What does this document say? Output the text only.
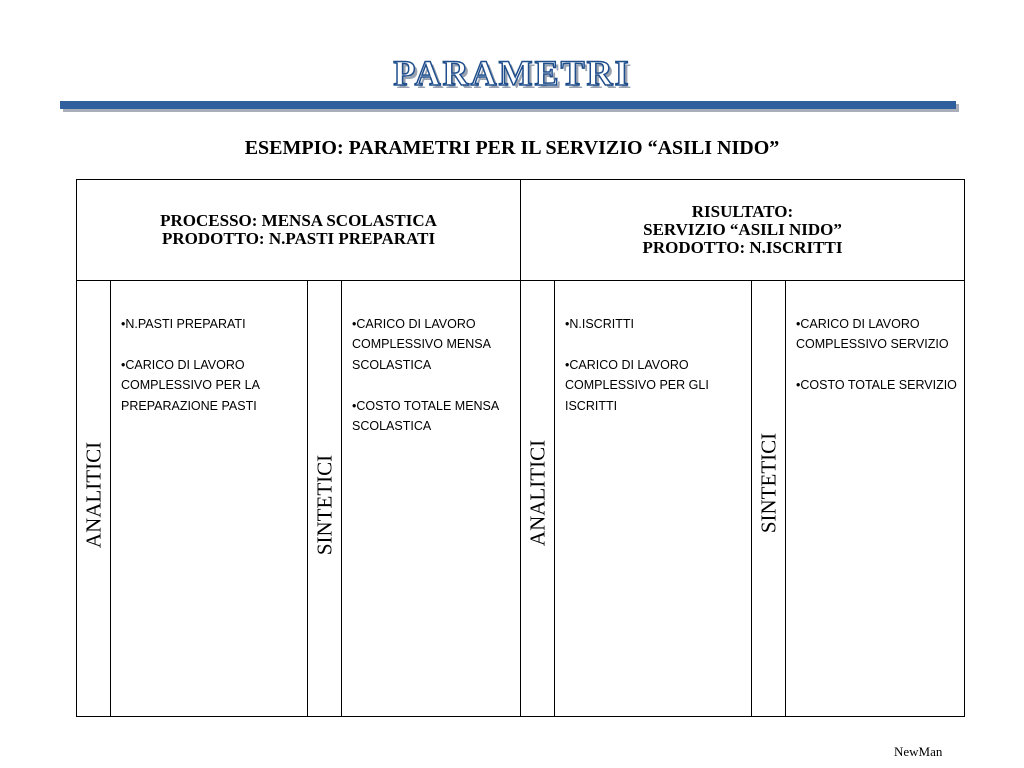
PARAMETRI
ESEMPIO: PARAMETRI PER IL SERVIZIO “ASILI NIDO”
PROCESSO: MENSA SCOLASTICA
PRODOTTO: N.PASTI PREPARATI
RISULTATO:
SERVIZIO “ASILI NIDO”
PRODOTTO: N.ISCRITTI
ANALITICI

•N.PASTI PREPARATI

•CARICO DI LAVORO COMPLESSIVO PER LA PREPARAZIONE PASTI

SINTETICI

•CARICO DI LAVORO COMPLESSIVO MENSA SCOLASTICA

•COSTO TOTALE MENSA SCOLASTICA

ANALITICI

•N.ISCRITTI

•CARICO DI LAVORO COMPLESSIVO PER GLI ISCRITTI

SINTETICI

•CARICO DI LAVORO COMPLESSIVO SERVIZIO

•COSTO TOTALE SERVIZIO

NewMan
